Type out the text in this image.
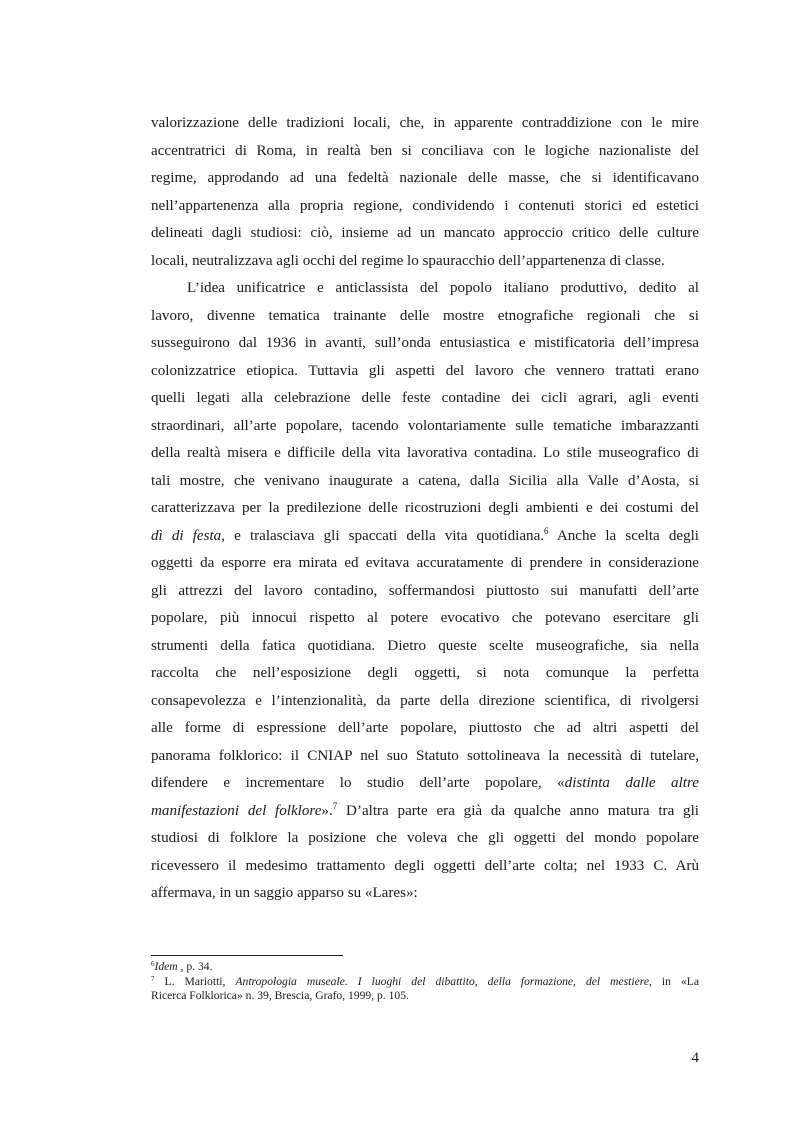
valorizzazione delle tradizioni locali, che, in apparente contraddizione con le mire
accentratrici di Roma, in realtà ben si conciliava con le logiche nazionaliste del
regime, approdando ad una fedeltà nazionale delle masse, che si identificavano
nell’appartenenza alla propria regione, condividendo i contenuti storici ed estetici
delineati dagli studiosi: ciò, insieme ad un mancato approccio critico delle culture
locali, neutralizzava agli occhi del regime lo spauracchio dell’appartenenza di classe.
L’idea unificatrice e anticlassista del popolo italiano produttivo, dedito al
lavoro, divenne tematica trainante delle mostre etnografiche regionali che si
susseguirono dal 1936 in avanti, sull’onda entusiastica e mistificatoria dell’impresa
colonizzatrice etiopica. Tuttavia gli aspetti del lavoro che vennero trattati erano
quelli legati alla celebrazione delle feste contadine dei cicli agrari, agli eventi
straordinari, all’arte popolare, tacendo volontariamente sulle tematiche imbarazzanti
della realtà misera e difficile della vita lavorativa contadina. Lo stile museografico di
tali mostre, che venivano inaugurate a catena, dalla Sicilia alla Valle d’Aosta, si
caratterizzava per la predilezione delle ricostruzioni degli ambienti e dei costumi del
dì di festa, e tralasciava gli spaccati della vita quotidiana.$^6$ Anche la scelta degli
oggetti da esporre era mirata ed evitava accuratamente di prendere in considerazione
gli attrezzi del lavoro contadino, soffermandosi piuttosto sui manufatti dell’arte
popolare, più innocui rispetto al potere evocativo che potevano esercitare gli
strumenti della fatica quotidiana. Dietro queste scelte museografiche, sia nella
raccolta che nell’esposizione degli oggetti, si nota comunque la perfetta
consapevolezza e l’intenzionalità, da parte della direzione scientifica, di rivolgersi
alle forme di espressione dell’arte popolare, piuttosto che ad altri aspetti del
panorama folklorico: il CNIAP nel suo Statuto sottolineava la necessità di tutelare,
difendere e incrementare lo studio dell’arte popolare, «distinta dalle altre
manifestazioni del folklore».$^7$ D’altra parte era già da qualche anno matura tra gli
studiosi di folklore la posizione che voleva che gli oggetti del mondo popolare
ricevessero il medesimo trattamento degli oggetti dell’arte colta; nel 1933 C. Arù
affermava, in un saggio apparso su «Lares»:
$^6$Idem , p. 34.
$^7$ L. Mariotti, Antropologia museale. I luoghi del dibattito, della formazione, del mestiere, in «La
Ricerca Folklorica» n. 39, Brescia, Grafo, 1999, p. 105.
4
